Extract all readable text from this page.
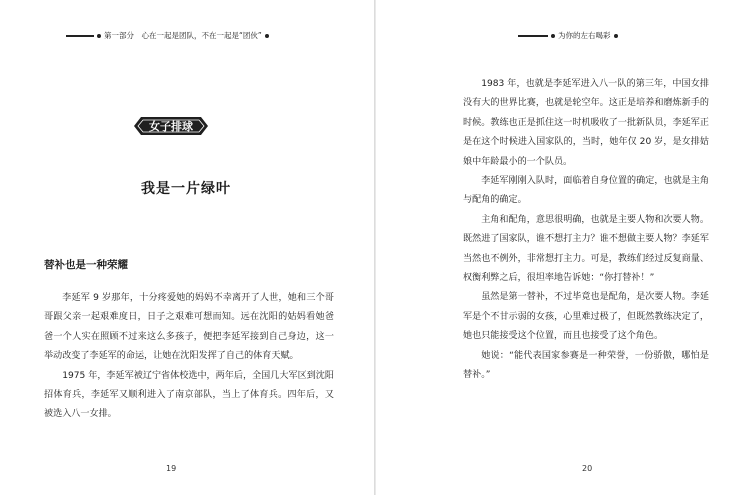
第一部分　心在一起是团队，不在一起是“团伙”	为你的左右喝彩
女子排球
我是一片绿叶
替补也是一种荣耀

李延军 9 岁那年，十分疼爱她的妈妈不幸离开了人世，她和三个哥哥跟父亲一起艰难度日，日子之艰难可想而知。远在沈阳的姑妈看她爸爸一个人实在照顾不过来这么多孩子，便把李延军接到自己身边，这一举动改变了李延军的命运，让她在沈阳发挥了自己的体育天赋。

1975 年，李延军被辽宁省体校选中，两年后，全国几大军区到沈阳招体育兵，李延军又顺利进入了南京部队，当上了体育兵。四年后，又被选入八一女排。

1983 年，也就是李延军进入八一队的第三年，中国女排没有大的世界比赛，也就是轮空年。这正是培养和磨炼新手的时候。教练也正是抓住这一时机吸收了一批新队员，李延军正是在这个时候进入国家队的，当时，她年仅 20 岁，是女排姑娘中年龄最小的一个队员。

李延军刚刚入队时，面临着自身位置的确定，也就是主角与配角的确定。

主角和配角，意思很明确，也就是主要人物和次要人物。既然进了国家队，谁不想打主力？谁不想做主要人物？李延军当然也不例外，非常想打主力。可是，教练们经过反复商量、权衡利弊之后，很坦率地告诉她：“你打替补！”

虽然是第一替补，不过毕竟也是配角，是次要人物。李延军是个不甘示弱的女孩，心里难过极了，但既然教练决定了，她也只能接受这个位置，而且也接受了这个角色。

她说：“能代表国家参赛是一种荣誉，一份骄傲，哪怕是替补。”

19	20
